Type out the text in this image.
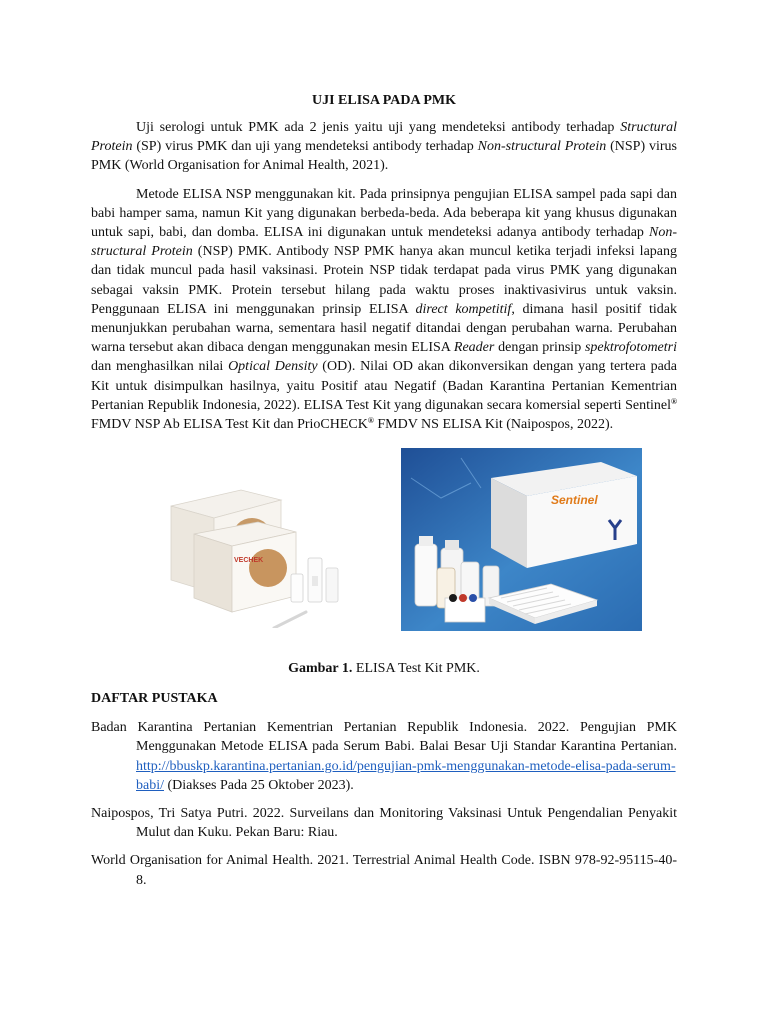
UJI ELISA PADA PMK

Uji serologi untuk PMK ada 2 jenis yaitu uji yang mendeteksi antibody terhadap Structural Protein (SP) virus PMK dan uji yang mendeteksi antibody terhadap Non-structural Protein (NSP) virus PMK (World Organisation for Animal Health, 2021).

Metode ELISA NSP menggunakan kit. Pada prinsipnya pengujian ELISA sampel pada sapi dan babi hamper sama, namun Kit yang digunakan berbeda-beda. Ada beberapa kit yang khusus digunakan untuk sapi, babi, dan domba. ELISA ini digunakan untuk mendeteksi adanya antibody terhadap Non-structural Protein (NSP) PMK. Antibody NSP PMK hanya akan muncul ketika terjadi infeksi lapang dan tidak muncul pada hasil vaksinasi. Protein NSP tidak terdapat pada virus PMK yang digunakan sebagai vaksin PMK. Protein tersebut hilang pada waktu proses inaktivasivirus untuk vaksin. Penggunaan ELISA ini menggunakan prinsip ELISA direct kompetitif, dimana hasil positif tidak menunjukkan perubahan warna, sementara hasil negatif ditandai dengan perubahan warna. Perubahan warna tersebut akan dibaca dengan menggunakan mesin ELISA Reader dengan prinsip spektrofotometri dan menghasilkan nilai Optical Density (OD). Nilai OD akan dikonversikan dengan yang tertera pada Kit untuk disimpulkan hasilnya, yaitu Positif atau Negatif (Badan Karantina Pertanian Kementrian Pertanian Republik Indonesia, 2022). ELISA Test Kit yang digunakan secara komersial seperti Sentinel® FMDV NSP Ab ELISA Test Kit dan PrioCHECK® FMDV NS ELISA Kit (Naipospos, 2022).

VECHEK
Sentinel
Gambar 1. ELISA Test Kit PMK.
DAFTAR PUSTAKA

Badan Karantina Pertanian Kementrian Pertanian Republik Indonesia. 2022. Pengujian PMK Menggunakan Metode ELISA pada Serum Babi. Balai Besar Uji Standar Karantina Pertanian. http://bbuskp.karantina.pertanian.go.id/pengujian-pmk-menggunakan-metode-elisa-pada-serum-babi/ (Diakses Pada 25 Oktober 2023).

Naipospos, Tri Satya Putri. 2022. Surveilans dan Monitoring Vaksinasi Untuk Pengendalian Penyakit Mulut dan Kuku. Pekan Baru: Riau.

World Organisation for Animal Health. 2021. Terrestrial Animal Health Code. ISBN 978-92-95115-40-8.
